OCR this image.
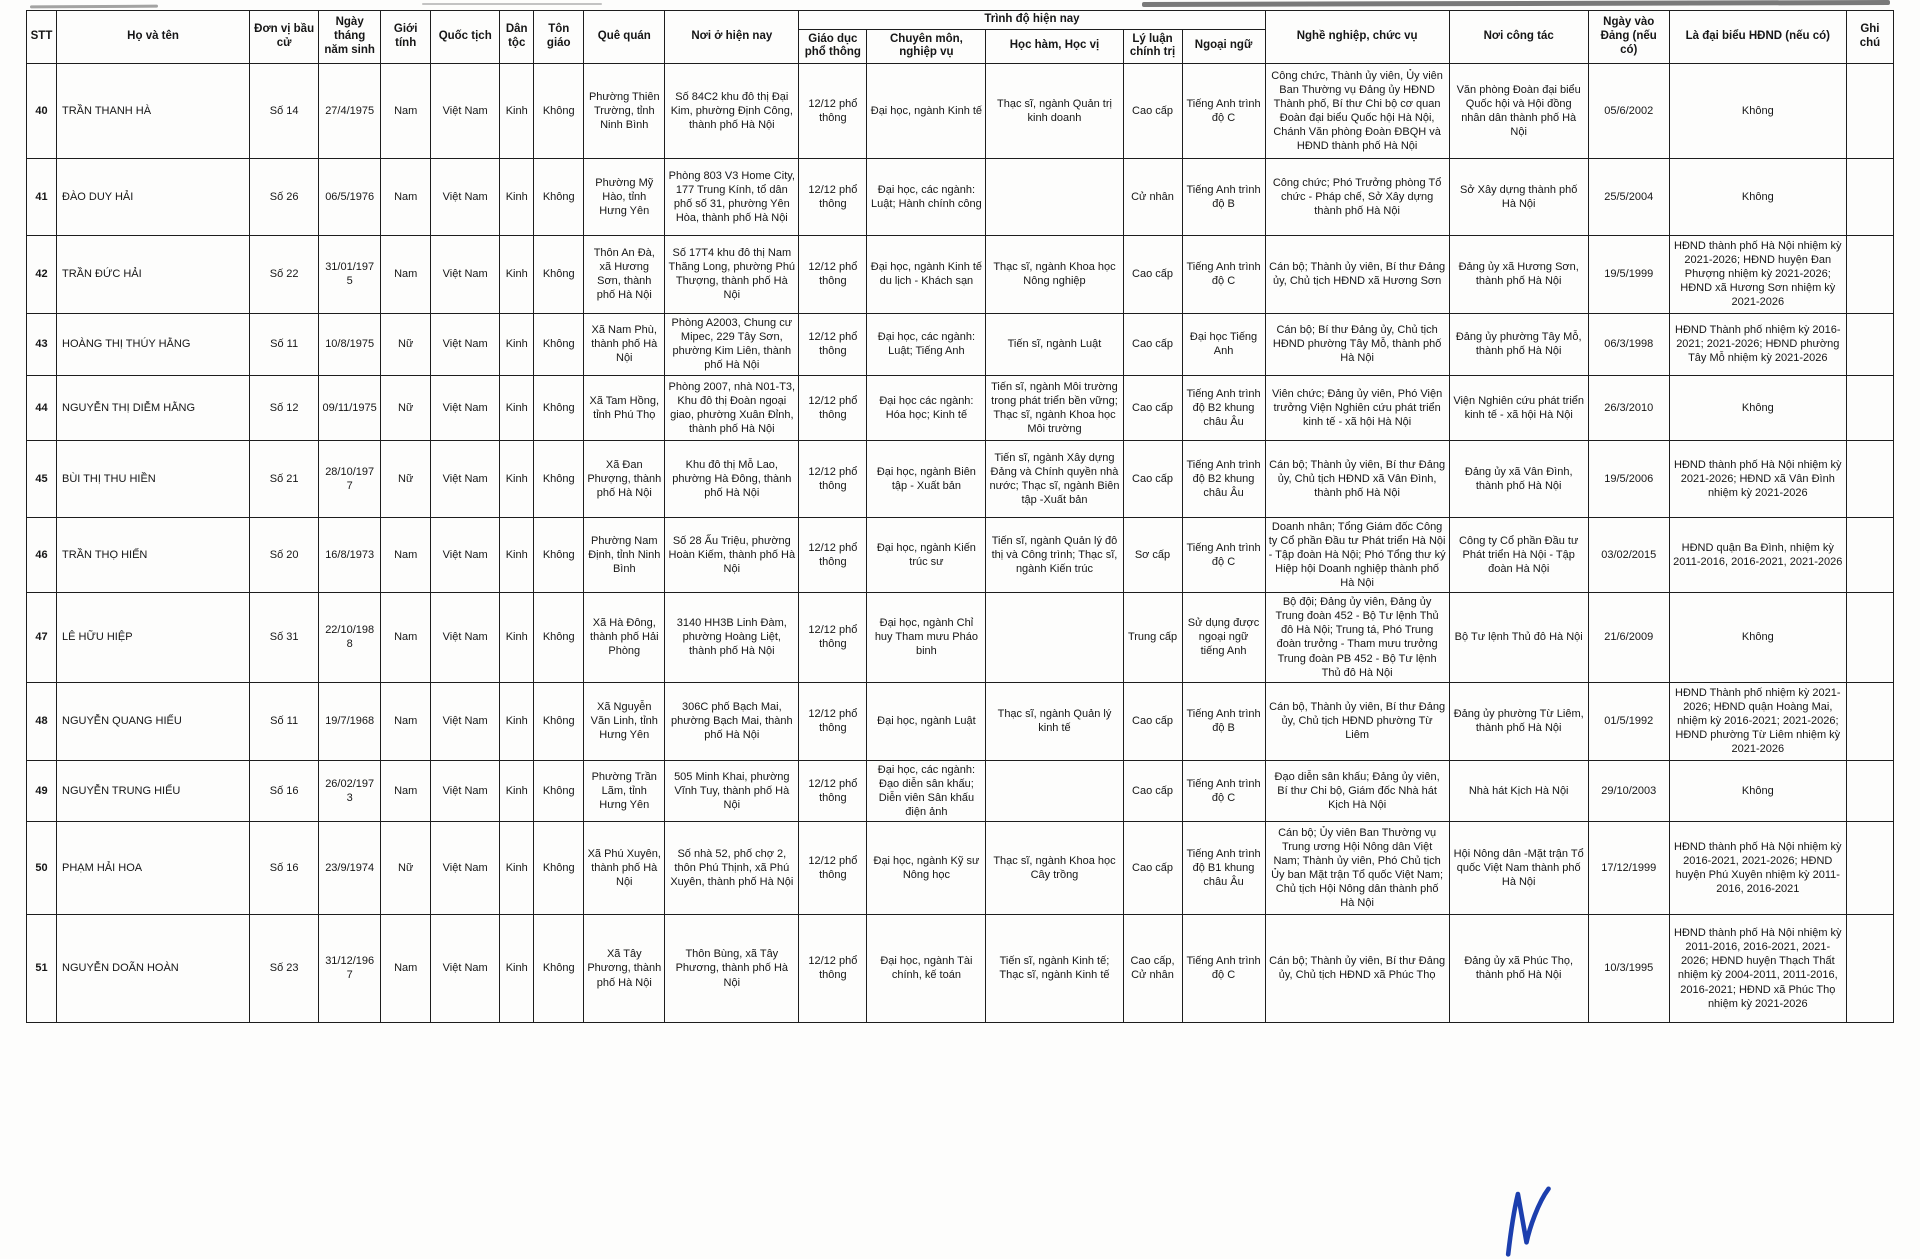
STT	Họ và tên	Đơn vị bầu cử	Ngày tháng năm sinh	Giới tính	Quốc tịch	Dân tộc	Tôn giáo	Quê quán	Nơi ở hiện nay	Trình độ hiện nay					Nghề nghiệp, chức vụ	Nơi công tác	Ngày vào Đảng (nếu có)	Là đại biểu HĐND (nếu có)	Ghi chú
										Giáo dục phổ thông	Chuyên môn, nghiệp vụ	Học hàm, Học vị	Lý luận chính trị	Ngoại ngữ					
40	TRẦN THANH HÀ	Số 14	27/4/1975	Nam	Việt Nam	Kinh	Không	Phường Thiên Trường, tỉnh Ninh Bình	Số 84C2 khu đô thị Đại Kim, phường Định Công, thành phố Hà Nội	12/12 phổ thông	Đại học, ngành Kinh tế	Thạc sĩ, ngành Quản trị kinh doanh	Cao cấp	Tiếng Anh trình độ C	Công chức, Thành ủy viên, Ủy viên Ban Thường vụ Đảng ủy HĐND Thành phố, Bí thư Chi bộ cơ quan Đoàn đại biểu Quốc hội Hà Nội, Chánh Văn phòng Đoàn ĐBQH và HĐND thành phố Hà Nội	Văn phòng Đoàn đại biểu Quốc hội và Hội đồng nhân dân thành phố Hà Nội	05/6/2002	Không	
41	ĐÀO DUY HẢI	Số 26	06/5/1976	Nam	Việt Nam	Kinh	Không	Phường Mỹ Hào, tỉnh Hưng Yên	Phòng 803 V3 Home City, 177 Trung Kính, tổ dân phố số 31, phường Yên Hòa, thành phố Hà Nội	12/12 phổ thông	Đại học, các ngành: Luật; Hành chính công		Cử nhân	Tiếng Anh trình độ B	Công chức; Phó Trưởng phòng Tổ chức - Pháp chế, Sở Xây dựng thành phố Hà Nội	Sở Xây dựng thành phố Hà Nội	25/5/2004	Không	
42	TRẦN ĐỨC HẢI	Số 22	31/01/1975	Nam	Việt Nam	Kinh	Không	Thôn An Đà, xã Hương Sơn, thành phố Hà Nội	Số 17T4 khu đô thị Nam Thăng Long, phường Phú Thượng, thành phố Hà Nội	12/12 phổ thông	Đại học, ngành Kinh tế du lịch - Khách sạn	Thạc sĩ, ngành Khoa học Nông nghiệp	Cao cấp	Tiếng Anh trình độ C	Cán bộ; Thành ủy viên, Bí thư Đảng ủy, Chủ tịch HĐND xã Hương Sơn	Đảng ủy xã Hương Sơn, thành phố Hà Nội	19/5/1999	HĐND thành phố Hà Nội nhiệm kỳ 2021-2026; HĐND huyện Đan Phượng nhiệm kỳ 2021-2026; HĐND xã Hương Sơn nhiệm kỳ 2021-2026	
43	HOÀNG THỊ THÚY HẰNG	Số 11	10/8/1975	Nữ	Việt Nam	Kinh	Không	Xã Nam Phù, thành phố Hà Nội	Phòng A2003, Chung cư Mipec, 229 Tây Sơn, phường Kim Liên, thành phố Hà Nội	12/12 phổ thông	Đại học, các ngành: Luật; Tiếng Anh	Tiến sĩ, ngành Luật	Cao cấp	Đại học Tiếng Anh	Cán bộ; Bí thư Đảng ủy, Chủ tịch HĐND phường Tây Mỗ, thành phố Hà Nội	Đảng ủy phường Tây Mỗ, thành phố Hà Nội	06/3/1998	HĐND Thành phố nhiệm kỳ 2016-2021; 2021-2026; HĐND phường Tây Mỗ nhiệm kỳ 2021-2026	
44	NGUYỄN THỊ DIỄM HẰNG	Số 12	09/11/1975	Nữ	Việt Nam	Kinh	Không	Xã Tam Hồng, tỉnh Phú Thọ	Phòng 2007, nhà N01-T3, Khu đô thị Đoàn ngoại giao, phường Xuân Đỉnh, thành phố Hà Nội	12/12 phổ thông	Đại học các ngành: Hóa học; Kinh tế	Tiến sĩ, ngành Môi trường trong phát triển bền vững; Thạc sĩ, ngành Khoa học Môi trường	Cao cấp	Tiếng Anh trình độ B2 khung châu Âu	Viên chức; Đảng ủy viên, Phó Viện trưởng Viện Nghiên cứu phát triển kinh tế - xã hội Hà Nội	Viện Nghiên cứu phát triển kinh tế - xã hội Hà Nội	26/3/2010	Không	
45	BÙI THỊ THU HIỀN	Số 21	28/10/1977	Nữ	Việt Nam	Kinh	Không	Xã Đan Phượng, thành phố Hà Nội	Khu đô thị Mỗ Lao, phường Hà Đông, thành phố Hà Nội	12/12 phổ thông	Đại học, ngành Biên tập - Xuất bản	Tiến sĩ, ngành Xây dựng Đảng và Chính quyền nhà nước; Thạc sĩ, ngành Biên tập -Xuất bản	Cao cấp	Tiếng Anh trình độ B2 khung châu Âu	Cán bộ; Thành ủy viên, Bí thư Đảng ủy, Chủ tịch HĐND xã Vân Đình, thành phố Hà Nội	Đảng ủy xã Vân Đình, thành phố Hà Nội	19/5/2006	HĐND thành phố Hà Nội nhiệm kỳ 2021-2026; HĐND xã Vân Đình nhiệm kỳ 2021-2026	
46	TRẦN THỌ HIẾN	Số 20	16/8/1973	Nam	Việt Nam	Kinh	Không	Phường Nam Định, tỉnh Ninh Bình	Số 28 Ấu Triệu, phường Hoàn Kiếm, thành phố Hà Nội	12/12 phổ thông	Đại học, ngành Kiến trúc sư	Tiến sĩ, ngành Quản lý đô thị và Công trình; Thạc sĩ, ngành Kiến trúc	Sơ cấp	Tiếng Anh trình độ C	Doanh nhân; Tổng Giám đốc Công ty Cổ phần Đầu tư Phát triển Hà Nội - Tập đoàn Hà Nội; Phó Tổng thư ký Hiệp hội Doanh nghiệp thành phố Hà Nội	Công ty Cổ phần Đầu tư Phát triển Hà Nội - Tập đoàn Hà Nội	03/02/2015	HĐND quận Ba Đình, nhiệm kỳ 2011-2016, 2016-2021, 2021-2026	
47	LÊ HỮU HIỆP	Số 31	22/10/1988	Nam	Việt Nam	Kinh	Không	Xã Hà Đông, thành phố Hải Phòng	3140 HH3B Linh Đàm, phường Hoàng Liệt, thành phố Hà Nội	12/12 phổ thông	Đại học, ngành Chỉ huy Tham mưu Pháo binh		Trung cấp	Sử dụng được ngoại ngữ tiếng Anh	Bộ đội; Đảng ủy viên, Đảng ủy Trung đoàn 452 - Bộ Tư lệnh Thủ đô Hà Nội; Trung tá, Phó Trung đoàn trưởng - Tham mưu trưởng Trung đoàn PB 452 - Bộ Tư lệnh Thủ đô Hà Nội	Bộ Tư lệnh Thủ đô Hà Nội	21/6/2009	Không	
48	NGUYỄN QUANG HIẾU	Số 11	19/7/1968	Nam	Việt Nam	Kinh	Không	Xã Nguyễn Văn Linh, tỉnh Hưng Yên	306C phố Bạch Mai, phường Bạch Mai, thành phố Hà Nội	12/12 phổ thông	Đại học, ngành Luật	Thạc sĩ, ngành Quản lý kinh tế	Cao cấp	Tiếng Anh trình độ B	Cán bộ, Thành ủy viên, Bí thư Đảng ủy, Chủ tịch HĐND phường Từ Liêm	Đảng ủy phường Từ Liêm, thành phố Hà Nội	01/5/1992	HĐND Thành phố nhiệm kỳ 2021-2026; HĐND quận Hoàng Mai, nhiệm kỳ 2016-2021; 2021-2026; HĐND phường Từ Liêm nhiệm kỳ 2021-2026	
49	NGUYỄN TRUNG HIẾU	Số 16	26/02/1973	Nam	Việt Nam	Kinh	Không	Phường Trần Lãm, tỉnh Hưng Yên	505 Minh Khai, phường Vĩnh Tuy, thành phố Hà Nội	12/12 phổ thông	Đại học, các ngành: Đạo diễn sân khấu; Diễn viên Sân khấu điện ảnh		Cao cấp	Tiếng Anh trình độ C	Đạo diễn sân khấu; Đảng ủy viên, Bí thư Chi bộ, Giám đốc Nhà hát Kịch Hà Nội	Nhà hát Kịch Hà Nội	29/10/2003	Không	
50	PHẠM HẢI HOA	Số 16	23/9/1974	Nữ	Việt Nam	Kinh	Không	Xã Phú Xuyên, thành phố Hà Nội	Số nhà 52, phố chợ 2, thôn Phú Thịnh, xã Phú Xuyên, thành phố Hà Nội	12/12 phổ thông	Đại học, ngành Kỹ sư Nông học	Thạc sĩ, ngành Khoa học Cây trồng	Cao cấp	Tiếng Anh trình độ B1 khung châu Âu	Cán bộ; Ủy viên Ban Thường vụ Trung ương Hội Nông dân Việt Nam; Thành ủy viên, Phó Chủ tịch Ủy ban Mặt trận Tổ quốc Việt Nam; Chủ tịch Hội Nông dân thành phố Hà Nội	Hội Nông dân -Mặt trận Tổ quốc Việt Nam thành phố Hà Nội	17/12/1999	HĐND thành phố Hà Nội nhiệm kỳ 2016-2021, 2021-2026; HĐND huyện Phú Xuyên nhiệm kỳ 2011-2016, 2016-2021	
51	NGUYỄN DOÃN HOÀN	Số 23	31/12/1967	Nam	Việt Nam	Kinh	Không	Xã Tây Phương, thành phố Hà Nội	Thôn Bùng, xã Tây Phương, thành phố Hà Nội	12/12 phổ thông	Đại học, ngành Tài chính, kế toán	Tiến sĩ, ngành Kinh tế; Thạc sĩ, ngành Kinh tế	Cao cấp, Cử nhân	Tiếng Anh trình độ C	Cán bộ; Thành ủy viên, Bí thư Đảng ủy, Chủ tịch HĐND xã Phúc Thọ	Đảng ủy xã Phúc Thọ, thành phố Hà Nội	10/3/1995	HĐND thành phố Hà Nội nhiệm kỳ 2011-2016, 2016-2021, 2021-2026; HĐND huyện Thạch Thất nhiệm kỳ 2004-2011, 2011-2016, 2016-2021; HĐND xã Phúc Thọ nhiệm kỳ 2021-2026	
